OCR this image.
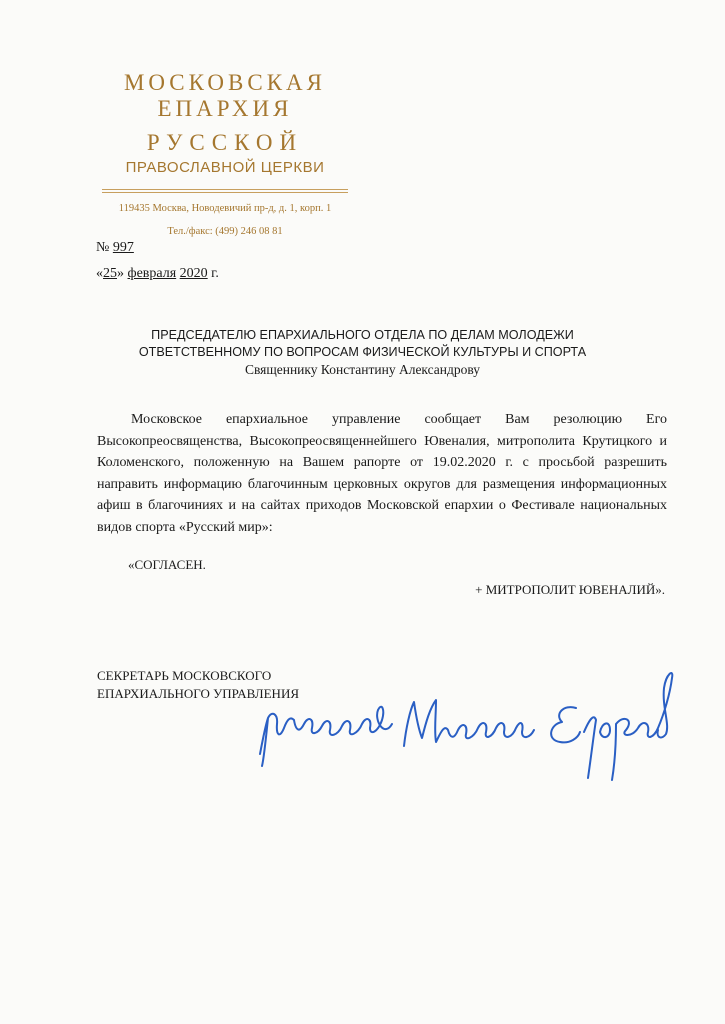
МОСКОВСКАЯ
ЕПАРХИЯ
РУССКОЙ
ПРАВОСЛАВНОЙ ЦЕРКВИ
119435 Москва, Новодевичий пр-д, д. 1, корп. 1
Тел./факс: (499) 246 08 81
№ 997
«25» февраля 2020 г.
ПРЕДСЕДАТЕЛЮ ЕПАРХИАЛЬНОГО ОТДЕЛА ПО ДЕЛАМ МОЛОДЕЖИ
ОТВЕТСТВЕННОМУ ПО ВОПРОСАМ ФИЗИЧЕСКОЙ КУЛЬТУРЫ И СПОРТА
Священнику Константину Александрову
Московское епархиальное управление сообщает Вам резолюцию Его Высокопреосвященства, Высокопреосвященнейшего Ювеналия, митрополита Крутицкого и Коломенского, положенную на Вашем рапорте от 19.02.2020 г. с просьбой разрешить направить информацию благочинным церковных округов для размещения информационных афиш в благочиниях и на сайтах приходов Московской епархии о Фестивале национальных видов спорта «Русский мир»:
«СОГЛАСЕН.
+ МИТРОПОЛИТ ЮВЕНАЛИЙ».
СЕКРЕТАРЬ МОСКОВСКОГО
ЕПАРХИАЛЬНОГО УПРАВЛЕНИЯ
